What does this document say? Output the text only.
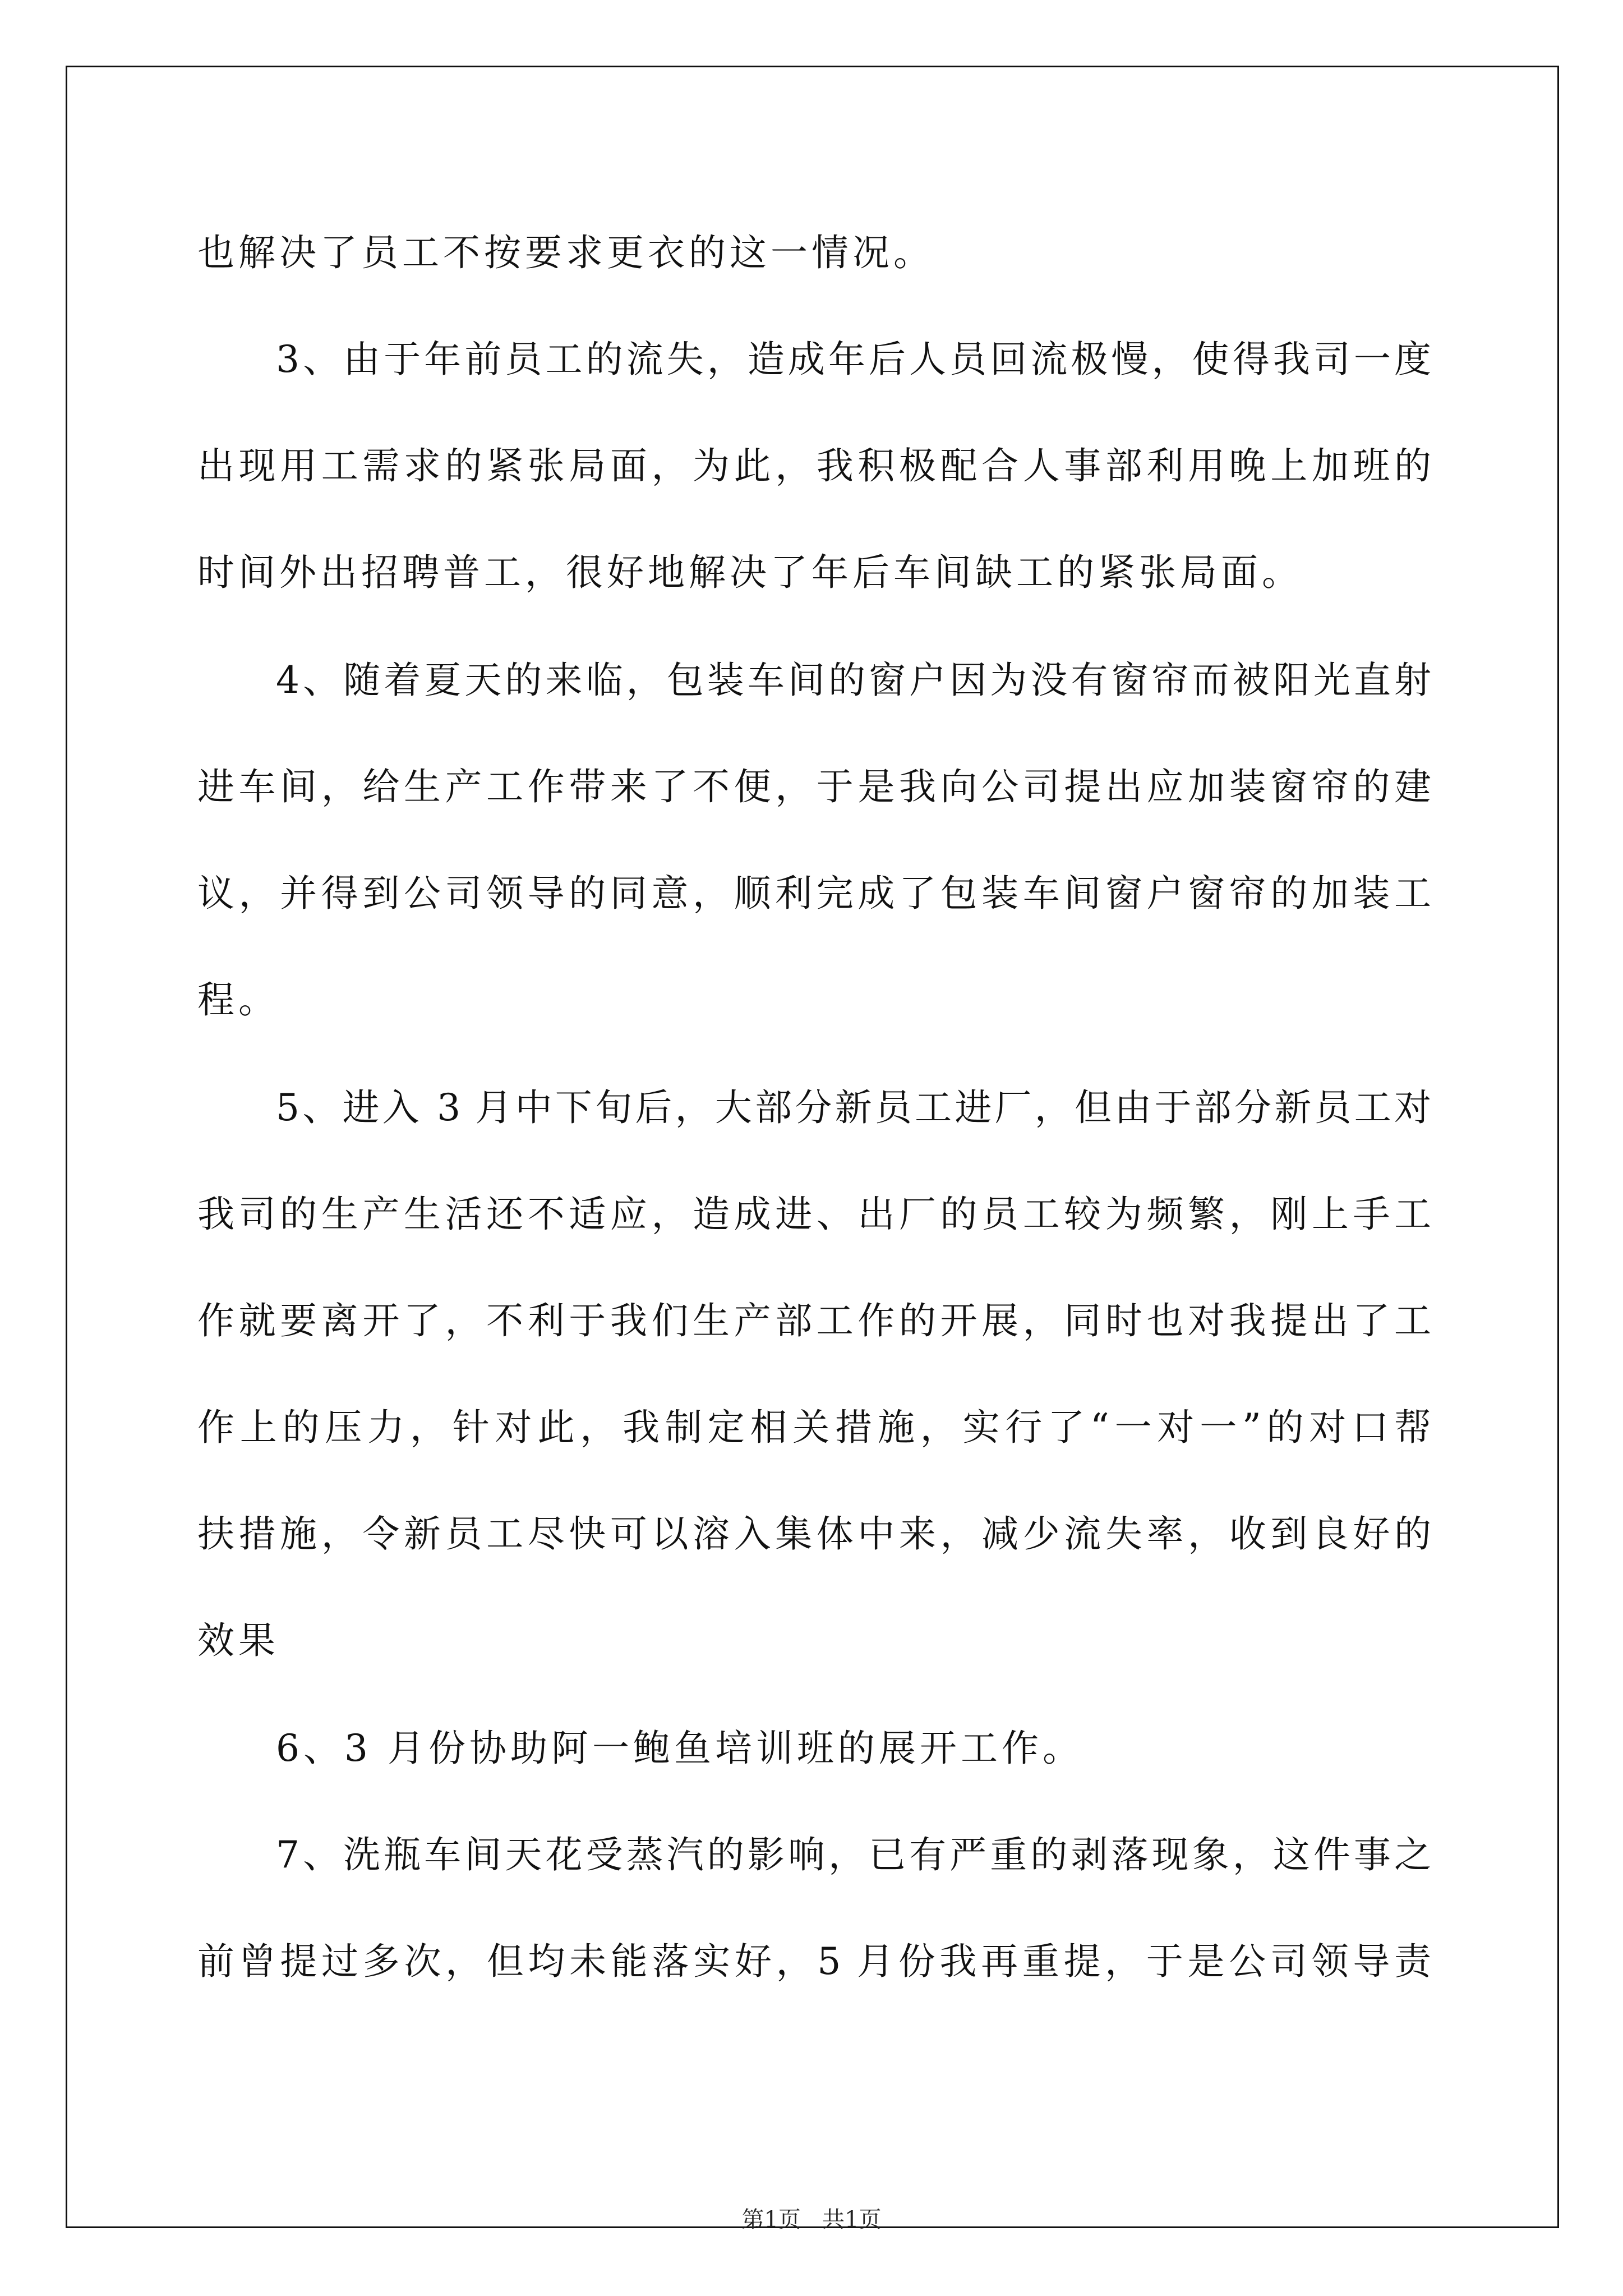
也解决了员工不按要求更衣的这一情况。
3、由于年前员工的流失，造成年后人员回流极慢，使得我司一度
出现用工需求的紧张局面，为此，我积极配合人事部利用晚上加班的
时间外出招聘普工，很好地解决了年后车间缺工的紧张局面。
4、随着夏天的来临，包装车间的窗户因为没有窗帘而被阳光直射
进车间，给生产工作带来了不便，于是我向公司提出应加装窗帘的建
议，并得到公司领导的同意，顺利完成了包装车间窗户窗帘的加装工
程。
5、进入 3 月中下旬后，大部分新员工进厂，但由于部分新员工对
我司的生产生活还不适应，造成进、出厂的员工较为频繁，刚上手工
作就要离开了，不利于我们生产部工作的开展，同时也对我提出了工
作上的压力，针对此，我制定相关措施，实行了“一对一”的对口帮
扶措施，令新员工尽快可以溶入集体中来，减少流失率，收到良好的
效果
6、3 月份协助阿一鲍鱼培训班的展开工作。
7、洗瓶车间天花受蒸汽的影响，已有严重的剥落现象，这件事之
前曾提过多次，但均未能落实好，5 月份我再重提，于是公司领导责
第1页   共1页
